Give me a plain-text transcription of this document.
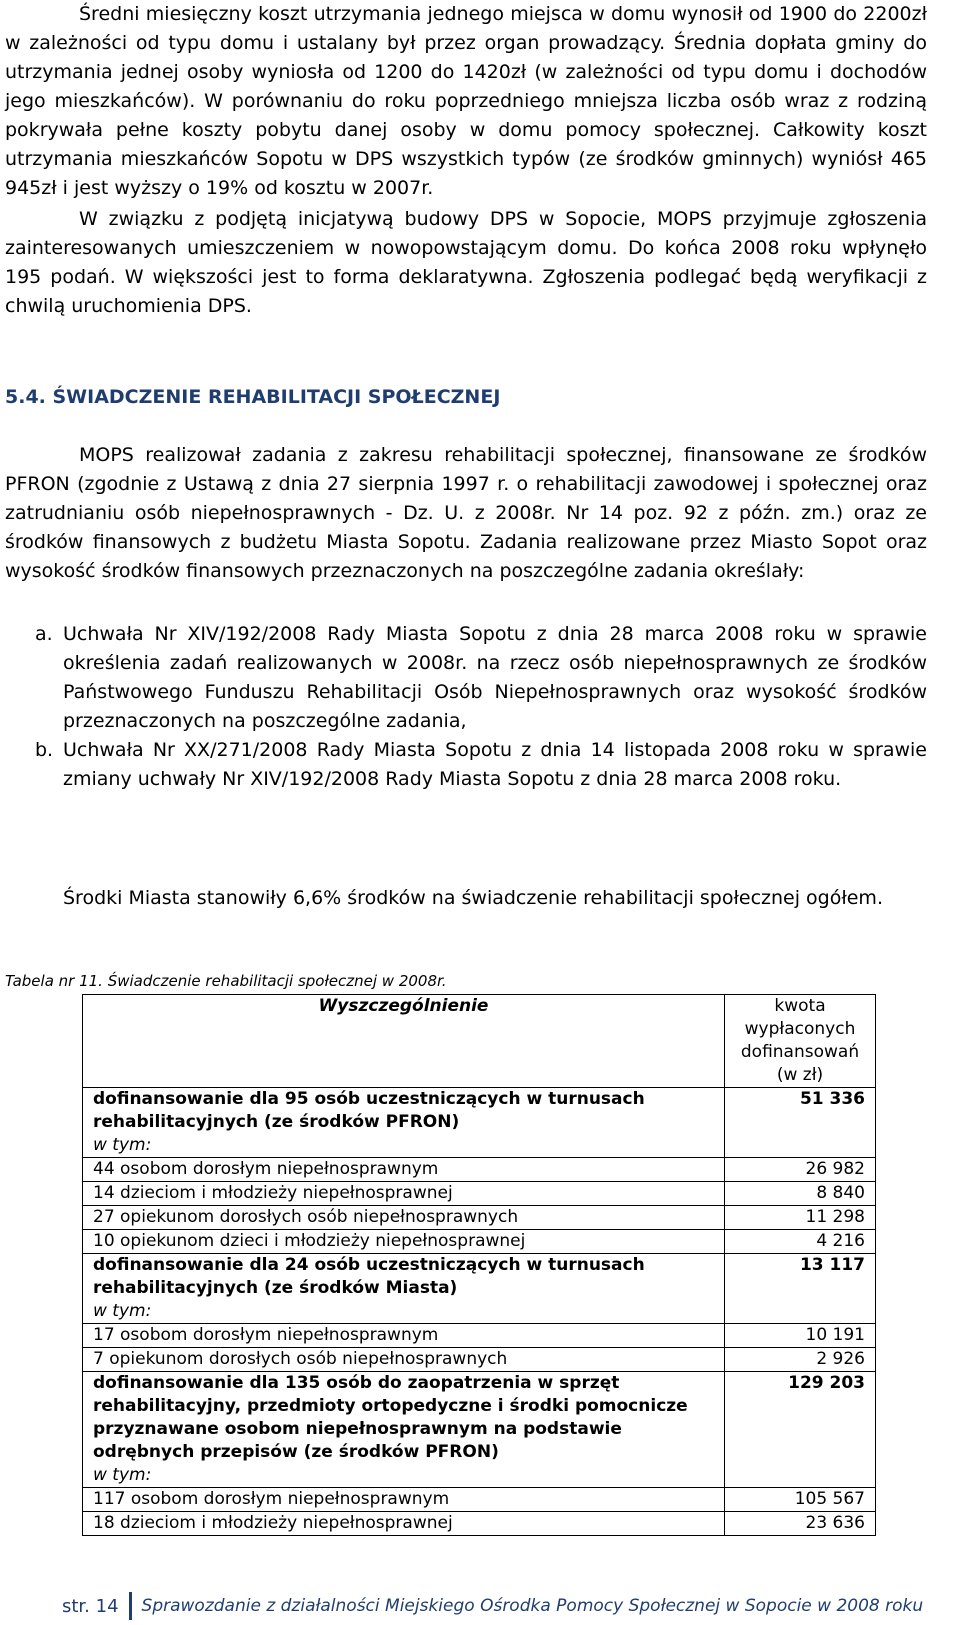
Średni miesięczny koszt utrzymania jednego miejsca w domu wynosił od 1900 do 2200zł w zależności od typu domu i ustalany był przez organ prowadzący. Średnia dopłata gminy do utrzymania jednej osoby wyniosła od 1200 do 1420zł (w zależności od typu domu i dochodów jego mieszkańców). W porównaniu do roku poprzedniego mniejsza liczba osób wraz z rodziną pokrywała pełne koszty pobytu danej osoby w domu pomocy społecznej. Całkowity koszt utrzymania mieszkańców Sopotu w DPS wszystkich typów (ze środków gminnych) wyniósł 465 945zł i jest wyższy o 19% od kosztu w 2007r.

W związku z podjętą inicjatywą budowy DPS w Sopocie, MOPS przyjmuje zgłoszenia zainteresowanych umieszczeniem w nowopowstającym domu. Do końca 2008 roku wpłynęło 195 podań. W większości jest to forma deklaratywna. Zgłoszenia podlegać będą weryfikacji z chwilą uruchomienia DPS.

5.4. ŚWIADCZENIE REHABILITACJI SPOŁECZNEJ

MOPS realizował zadania z zakresu rehabilitacji społecznej, finansowane ze środków PFRON (zgodnie z Ustawą z dnia 27 sierpnia 1997 r. o rehabilitacji zawodowej i społecznej oraz zatrudnianiu osób niepełnosprawnych - Dz. U. z 2008r. Nr 14 poz. 92 z późn. zm.) oraz ze środków finansowych z budżetu Miasta Sopotu. Zadania realizowane przez Miasto Sopot oraz wysokość środków finansowych przeznaczonych na poszczególne zadania określały:

a. Uchwała Nr XIV/192/2008 Rady Miasta Sopotu z dnia 28 marca 2008 roku w sprawie określenia zadań realizowanych w 2008r. na rzecz osób niepełnosprawnych ze środków Państwowego Funduszu Rehabilitacji Osób Niepełnosprawnych oraz wysokość środków przeznaczonych na poszczególne zadania,
b. Uchwała Nr XX/271/2008 Rady Miasta Sopotu z dnia 14 listopada 2008 roku w sprawie zmiany uchwały Nr XIV/192/2008 Rady Miasta Sopotu z dnia 28 marca 2008 roku.

Środki Miasta stanowiły 6,6% środków na świadczenie rehabilitacji społecznej ogółem.

Tabela nr 11. Świadczenie rehabilitacji społecznej w 2008r.

Wyszczególnienie	kwota wypłaconych dofinansowań (w zł)
dofinansowanie dla 95 osób uczestniczących w turnusach rehabilitacyjnych (ze środków PFRON)
w tym:	51 336
44 osobom dorosłym niepełnosprawnym	26 982
14 dzieciom i młodzieży niepełnosprawnej	8 840
27 opiekunom dorosłych osób niepełnosprawnych	11 298
10 opiekunom dzieci i młodzieży niepełnosprawnej	4 216
dofinansowanie dla 24 osób uczestniczących w turnusach rehabilitacyjnych (ze środków Miasta)
w tym:	13 117
17 osobom dorosłym niepełnosprawnym	10 191
7 opiekunom dorosłych osób niepełnosprawnych	2 926
dofinansowanie dla 135 osób do zaopatrzenia w sprzęt rehabilitacyjny, przedmioty ortopedyczne i środki pomocnicze przyznawane osobom niepełnosprawnym na podstawie odrębnych przepisów (ze środków PFRON)
w tym:	129 203
117 osobom dorosłym niepełnosprawnym	105 567
18 dzieciom i młodzieży niepełnosprawnej	23 636
str. 14 Sprawozdanie z działalności Miejskiego Ośrodka Pomocy Społecznej w Sopocie w 2008 roku
